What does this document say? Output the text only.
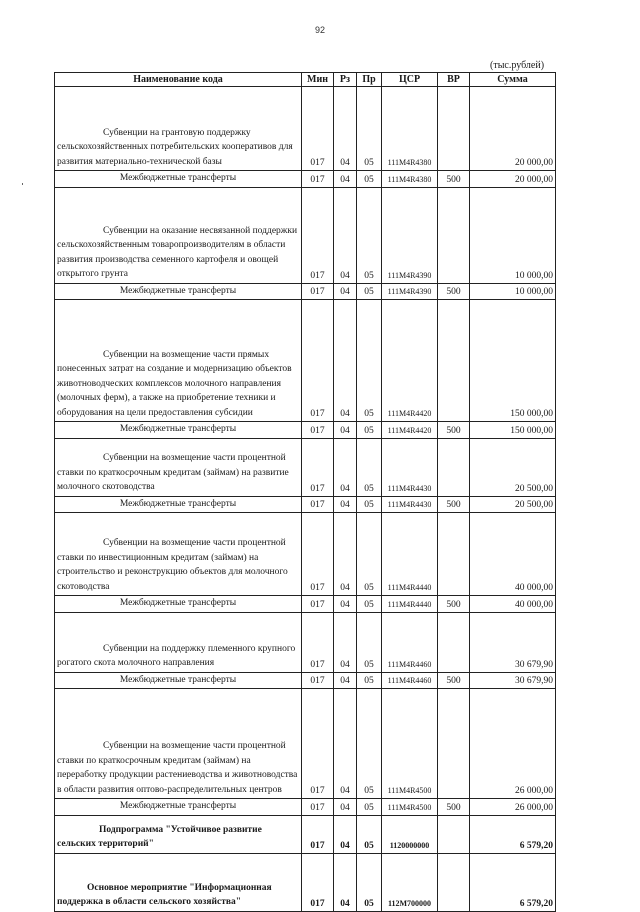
92
(тыс.рублей)
Наименование кода	Мин	Рз	Пр	ЦСР	ВР	Сумма

Субвенции на грантовую поддержку сельскохозяйственных потребительских кооперативов для развития материально-технической базы	017	04	05	111M4R4380		20 000,00

Межбюджетные трансферты	017	04	05	111M4R4380	500	20 000,00

Субвенции на оказание несвязанной поддержки сельскохозяйственным товаропроизводителям в области развития производства семенного картофеля и овощей открытого грунта	017	04	05	111M4R4390		10 000,00

Межбюджетные трансферты	017	04	05	111M4R4390	500	10 000,00

Субвенции на возмещение части прямых понесенных затрат на создание и модернизацию объектов животноводческих комплексов молочного направления (молочных ферм), а также на приобретение техники и оборудования на цели предоставления субсидии	017	04	05	111M4R4420		150 000,00

Межбюджетные трансферты	017	04	05	111M4R4420	500	150 000,00

Субвенции на возмещение части процентной ставки по краткосрочным кредитам (займам) на развитие молочного скотоводства	017	04	05	111M4R4430		20 500,00

Межбюджетные трансферты	017	04	05	111M4R4430	500	20 500,00

Субвенции на возмещение части процентной ставки по инвестиционным кредитам (займам) на строительство и реконструкцию объектов для молочного скотоводства	017	04	05	111M4R4440		40 000,00

Межбюджетные трансферты	017	04	05	111M4R4440	500	40 000,00

Субвенции на поддержку племенного крупного рогатого скота молочного направления	017	04	05	111M4R4460		30 679,90

Межбюджетные трансферты	017	04	05	111M4R4460	500	30 679,90

Субвенции на возмещение части процентной ставки по краткосрочным кредитам (займам) на переработку продукции растениеводства и животноводства в области развития оптово-распределительных центров	017	04	05	111M4R4500		26 000,00

Межбюджетные трансферты	017	04	05	111M4R4500	500	26 000,00

Подпрограмма "Устойчивое развитие сельских территорий"	017	04	05	1120000000		6 579,20

Основное мероприятие "Информационная поддержка в области сельского хозяйства"	017	04	05	112M700000		6 579,20
